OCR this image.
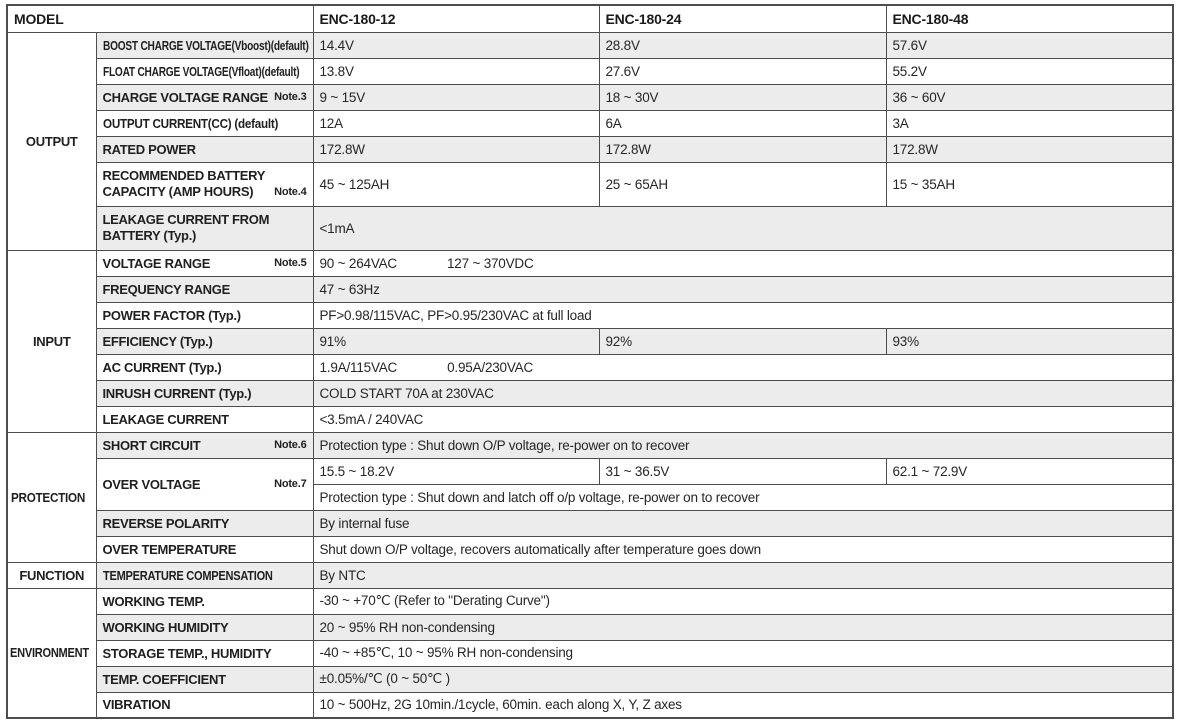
MODEL		ENC-180-12	ENC-180-24	ENC-180-48
OUTPUT	BOOST CHARGE VOLTAGE(Vboost)(default)	14.4V	28.8V	57.6V
	FLOAT CHARGE VOLTAGE(Vfloat)(default)	13.8V	27.6V	55.2V

	CHARGE VOLTAGE RANGE Note.3	9 ~ 15V	18 ~ 30V	36 ~ 60V
	OUTPUT CURRENT(CC) (default)	12A	6A	3A
	RATED POWER	172.8W	172.8W	172.8W

	RECOMMENDED BATTERY
CAPACITY (AMP HOURS) Note.4	45 ~ 125AH	25 ~ 65AH	15 ~ 35AH

	LEAKAGE CURRENT FROM
BATTERY (Typ.)	<1mA		
INPUT	VOLTAGE RANGE Note.5	90 ~ 264VAC 127 ~ 370VDC		
	FREQUENCY RANGE	47 ~ 63Hz		
	POWER FACTOR (Typ.)	PF>0.98/115VAC, PF>0.95/230VAC at full load		
	EFFICIENCY (Typ.)	91%	92%	93%
	AC CURRENT (Typ.)	1.9A/115VAC 0.95A/230VAC		
	INRUSH CURRENT (Typ.)	COLD START 70A at 230VAC		
	LEAKAGE CURRENT	<3.5mA / 240VAC		
PROTECTION	SHORT CIRCUIT Note.6	Protection type : Shut down O/P voltage, re-power on to recover		

	OVER VOLTAGE Note.7	15.5 ~ 18.2V	31 ~ 36.5V	62.1 ~ 72.9V
		Protection type : Shut down and latch off o/p voltage, re-power on to recover		
	REVERSE POLARITY	By internal fuse		
	OVER TEMPERATURE	Shut down O/P voltage, recovers automatically after temperature goes down		
FUNCTION	TEMPERATURE COMPENSATION	By NTC		
ENVIRONMENT	WORKING TEMP.	-30 ~ +70℃ (Refer to "Derating Curve")		
	WORKING HUMIDITY	20 ~ 95% RH non-condensing		
	STORAGE TEMP., HUMIDITY	-40 ~ +85℃, 10 ~ 95% RH non-condensing		
	TEMP. COEFFICIENT	±0.05%/℃ (0 ~ 50℃ )		
	VIBRATION	10 ~ 500Hz, 2G 10min./1cycle, 60min. each along X, Y, Z axes		
